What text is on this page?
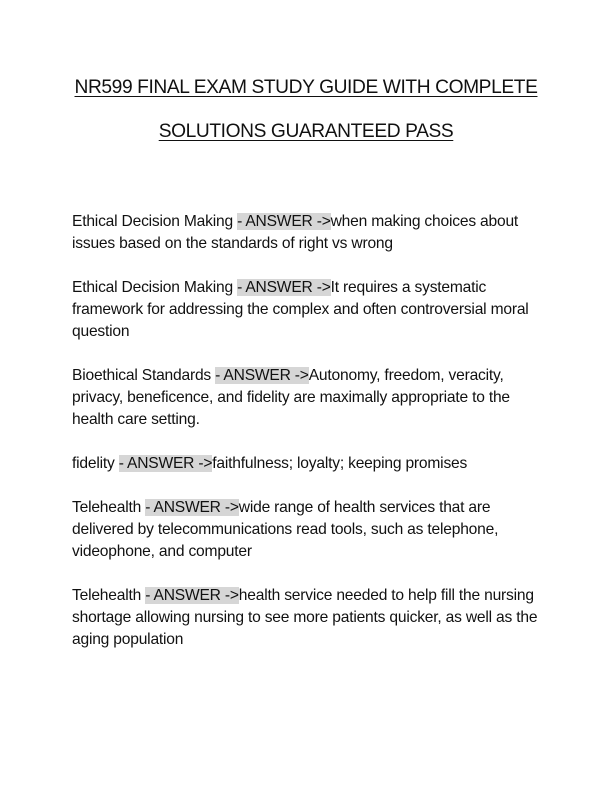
NR599 FINAL EXAM STUDY GUIDE WITH COMPLETE
SOLUTIONS GUARANTEED PASS

Ethical Decision Making - ANSWER ->when making choices about issues based on the standards of right vs wrong

Ethical Decision Making - ANSWER ->It requires a systematic framework for addressing the complex and often controversial moral question

Bioethical Standards - ANSWER ->Autonomy, freedom, veracity, privacy, beneficence, and fidelity are maximally appropriate to the health care setting.

fidelity - ANSWER ->faithfulness; loyalty; keeping promises

Telehealth - ANSWER ->wide range of health services that are delivered by telecommunications read tools, such as telephone, videophone, and computer

Telehealth - ANSWER ->health service needed to help fill the nursing shortage allowing nursing to see more patients quicker, as well as the aging population
